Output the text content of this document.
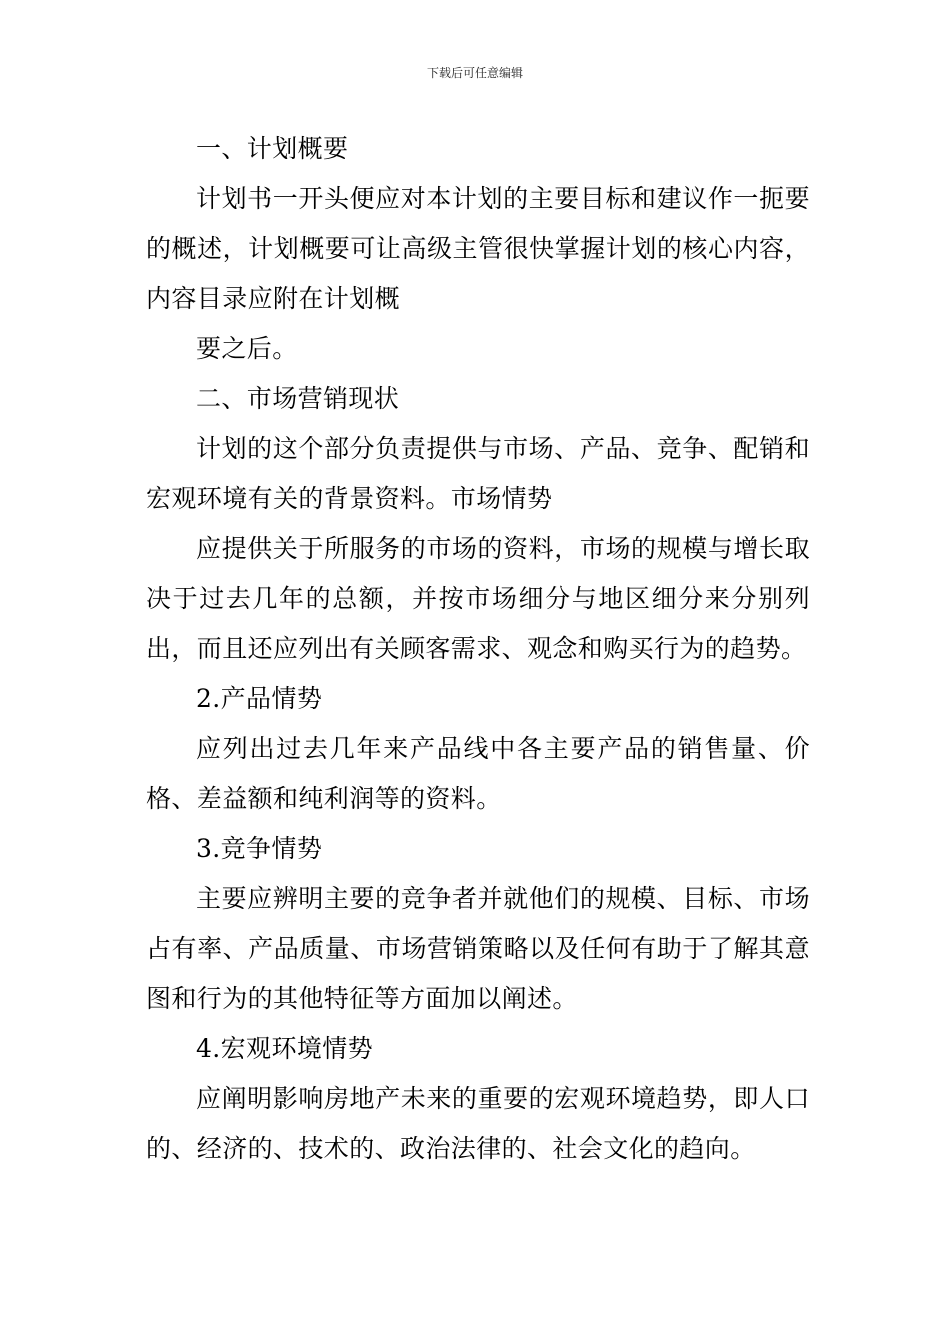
下载后可任意编辑

一、计划概要

计划书一开头便应对本计划的主要目标和建议作一扼要的概述，计划概要可让高级主管很快掌握计划的核心内容，内容目录应附在计划概

要之后。

二、市场营销现状

计划的这个部分负责提供与市场、产品、竞争、配销和宏观环境有关的背景资料。市场情势

应提供关于所服务的市场的资料，市场的规模与增长取决于过去几年的总额，并按市场细分与地区细分来分别列出，而且还应列出有关顾客需求、观念和购买行为的趋势。

2.产品情势

应列出过去几年来产品线中各主要产品的销售量、价格、差益额和纯利润等的资料。

3.竞争情势

主要应辨明主要的竞争者并就他们的规模、目标、市场占有率、产品质量、市场营销策略以及任何有助于了解其意图和行为的其他特征等方面加以阐述。

4.宏观环境情势

应阐明影响房地产未来的重要的宏观环境趋势，即人口的、经济的、技术的、政治法律的、社会文化的趋向。
